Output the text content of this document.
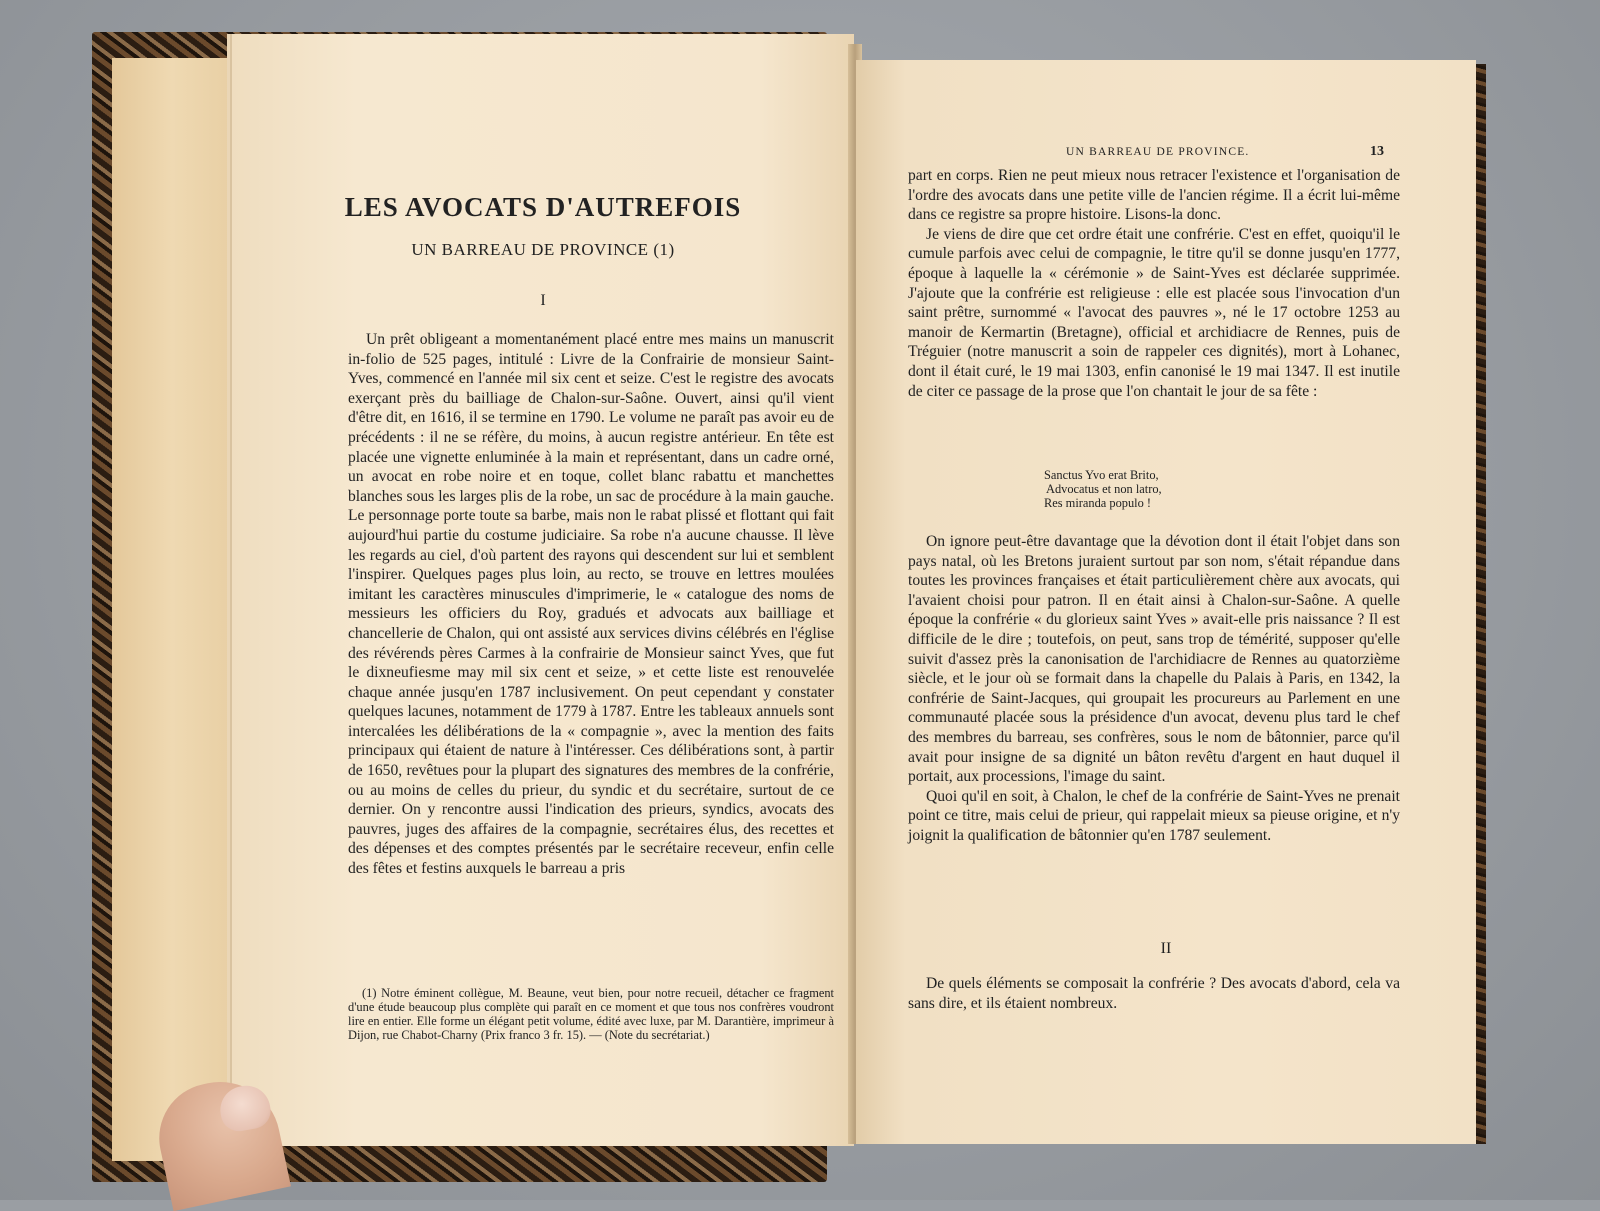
LES AVOCATS D'AUTREFOIS
UN BARREAU DE PROVINCE (1)
I

Un prêt obligeant a momentanément placé entre mes mains un manuscrit in-folio de 525 pages, intitulé : Livre de la Confrairie de monsieur Saint-Yves, commencé en l'année mil six cent et seize. C'est le registre des avocats exerçant près du bailliage de Chalon-sur-Saône. Ouvert, ainsi qu'il vient d'être dit, en 1616, il se termine en 1790. Le volume ne paraît pas avoir eu de précédents : il ne se réfère, du moins, à aucun registre antérieur. En tête est placée une vignette enluminée à la main et représentant, dans un cadre orné, un avocat en robe noire et en toque, collet blanc rabattu et manchettes blanches sous les larges plis de la robe, un sac de procédure à la main gauche. Le personnage porte toute sa barbe, mais non le rabat plissé et flottant qui fait aujourd'hui partie du costume judiciaire. Sa robe n'a aucune chausse. Il lève les regards au ciel, d'où partent des rayons qui descendent sur lui et semblent l'inspirer. Quelques pages plus loin, au recto, se trouve en lettres moulées imitant les caractères minuscules d'imprimerie, le « catalogue des noms de messieurs les officiers du Roy, gradués et advocats aux bailliage et chancellerie de Chalon, qui ont assisté aux services divins célébrés en l'église des révérends pères Carmes à la confrairie de Monsieur sainct Yves, que fut le dixneufiesme may mil six cent et seize, » et cette liste est renouvelée chaque année jusqu'en 1787 inclusivement. On peut cependant y constater quelques lacunes, notamment de 1779 à 1787. Entre les tableaux annuels sont intercalées les délibérations de la « compagnie », avec la mention des faits principaux qui étaient de nature à l'intéresser. Ces délibérations sont, à partir de 1650, revêtues pour la plupart des signatures des membres de la confrérie, ou au moins de celles du prieur, du syndic et du secrétaire, surtout de ce dernier. On y rencontre aussi l'indication des prieurs, syndics, avocats des pauvres, juges des affaires de la compagnie, secrétaires élus, des recettes et des dépenses et des comptes présentés par le secrétaire receveur, enfin celle des fêtes et festins auxquels le barreau a pris

(1) Notre éminent collègue, M. Beaune, veut bien, pour notre recueil, détacher ce fragment d'une étude beaucoup plus complète qui paraît en ce moment et que tous nos confrères voudront lire en entier. Elle forme un élégant petit volume, édité avec luxe, par M. Darantière, imprimeur à Dijon, rue Chabot-Charny (Prix franco 3 fr. 15). — (Note du secrétariat.)

UN BARREAU DE PROVINCE.	13

part en corps. Rien ne peut mieux nous retracer l'existence et l'organisation de l'ordre des avocats dans une petite ville de l'ancien régime. Il a écrit lui-même dans ce registre sa propre histoire. Lisons-la donc.

Je viens de dire que cet ordre était une confrérie. C'est en effet, quoiqu'il le cumule parfois avec celui de compagnie, le titre qu'il se donne jusqu'en 1777, époque à laquelle la « cérémonie » de Saint-Yves est déclarée supprimée. J'ajoute que la confrérie est religieuse : elle est placée sous l'invocation d'un saint prêtre, surnommé « l'avocat des pauvres », né le 17 octobre 1253 au manoir de Kermartin (Bretagne), official et archidiacre de Rennes, puis de Tréguier (notre manuscrit a soin de rappeler ces dignités), mort à Lohanec, dont il était curé, le 19 mai 1303, enfin canonisé le 19 mai 1347. Il est inutile de citer ce passage de la prose que l'on chantait le jour de sa fête :

Sanctus Yvo erat Brito,
Advocatus et non latro,
Res miranda populo !

On ignore peut-être davantage que la dévotion dont il était l'objet dans son pays natal, où les Bretons juraient surtout par son nom, s'était répandue dans toutes les provinces françaises et était particulièrement chère aux avocats, qui l'avaient choisi pour patron. Il en était ainsi à Chalon-sur-Saône. A quelle époque la confrérie « du glorieux saint Yves » avait-elle pris naissance ? Il est difficile de le dire ; toutefois, on peut, sans trop de témérité, supposer qu'elle suivit d'assez près la canonisation de l'archidiacre de Rennes au quatorzième siècle, et le jour où se formait dans la chapelle du Palais à Paris, en 1342, la confrérie de Saint-Jacques, qui groupait les procureurs au Parlement en une communauté placée sous la présidence d'un avocat, devenu plus tard le chef des membres du barreau, ses confrères, sous le nom de bâtonnier, parce qu'il avait pour insigne de sa dignité un bâton revêtu d'argent en haut duquel il portait, aux processions, l'image du saint.

Quoi qu'il en soit, à Chalon, le chef de la confrérie de Saint-Yves ne prenait point ce titre, mais celui de prieur, qui rappelait mieux sa pieuse origine, et n'y joignit la qualification de bâtonnier qu'en 1787 seulement.

II

De quels éléments se composait la confrérie ? Des avocats d'abord, cela va sans dire, et ils étaient nombreux.
